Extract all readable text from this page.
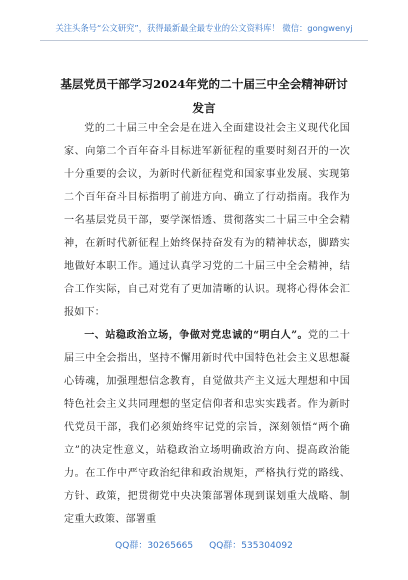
关注头条号“公文研究”，获得最新最全最专业的公文资料库！ 微信：gongwenyj
基层党员干部学习2024年党的二十届三中全会精神研讨发言

党的二十届三中全会是在进入全面建设社会主义现代化国家、向第二个百年奋斗目标进军新征程的重要时刻召开的一次十分重要的会议，为新时代新征程党和国家事业发展、实现第二个百年奋斗目标指明了前进方向、确立了行动指南。我作为一名基层党员干部，要学深悟透、贯彻落实二十届三中全会精神，在新时代新征程上始终保持奋发有为的精神状态，脚踏实地做好本职工作。通过认真学习党的二十届三中全会精神，结合工作实际，自己对党有了更加清晰的认识。现将心得体会汇报如下：

一、站稳政治立场，争做对党忠诚的“明白人”。党的二十届三中全会指出，坚持不懈用新时代中国特色社会主义思想凝心铸魂，加强理想信念教育，自觉做共产主义远大理想和中国特色社会主义共同理想的坚定信仰者和忠实实践者。作为新时代党员干部，我们必须始终牢记党的宗旨，深刻领悟“两个确立”的决定性意义，站稳政治立场明确政治方向、提高政治能力。在工作中严守政治纪律和政治规矩，严格执行党的路线、方针、政策，把贯彻党中央决策部署体现到谋划重大战略、制定重大政策、部署重

QQ群：30265665 QQ群：535304092
